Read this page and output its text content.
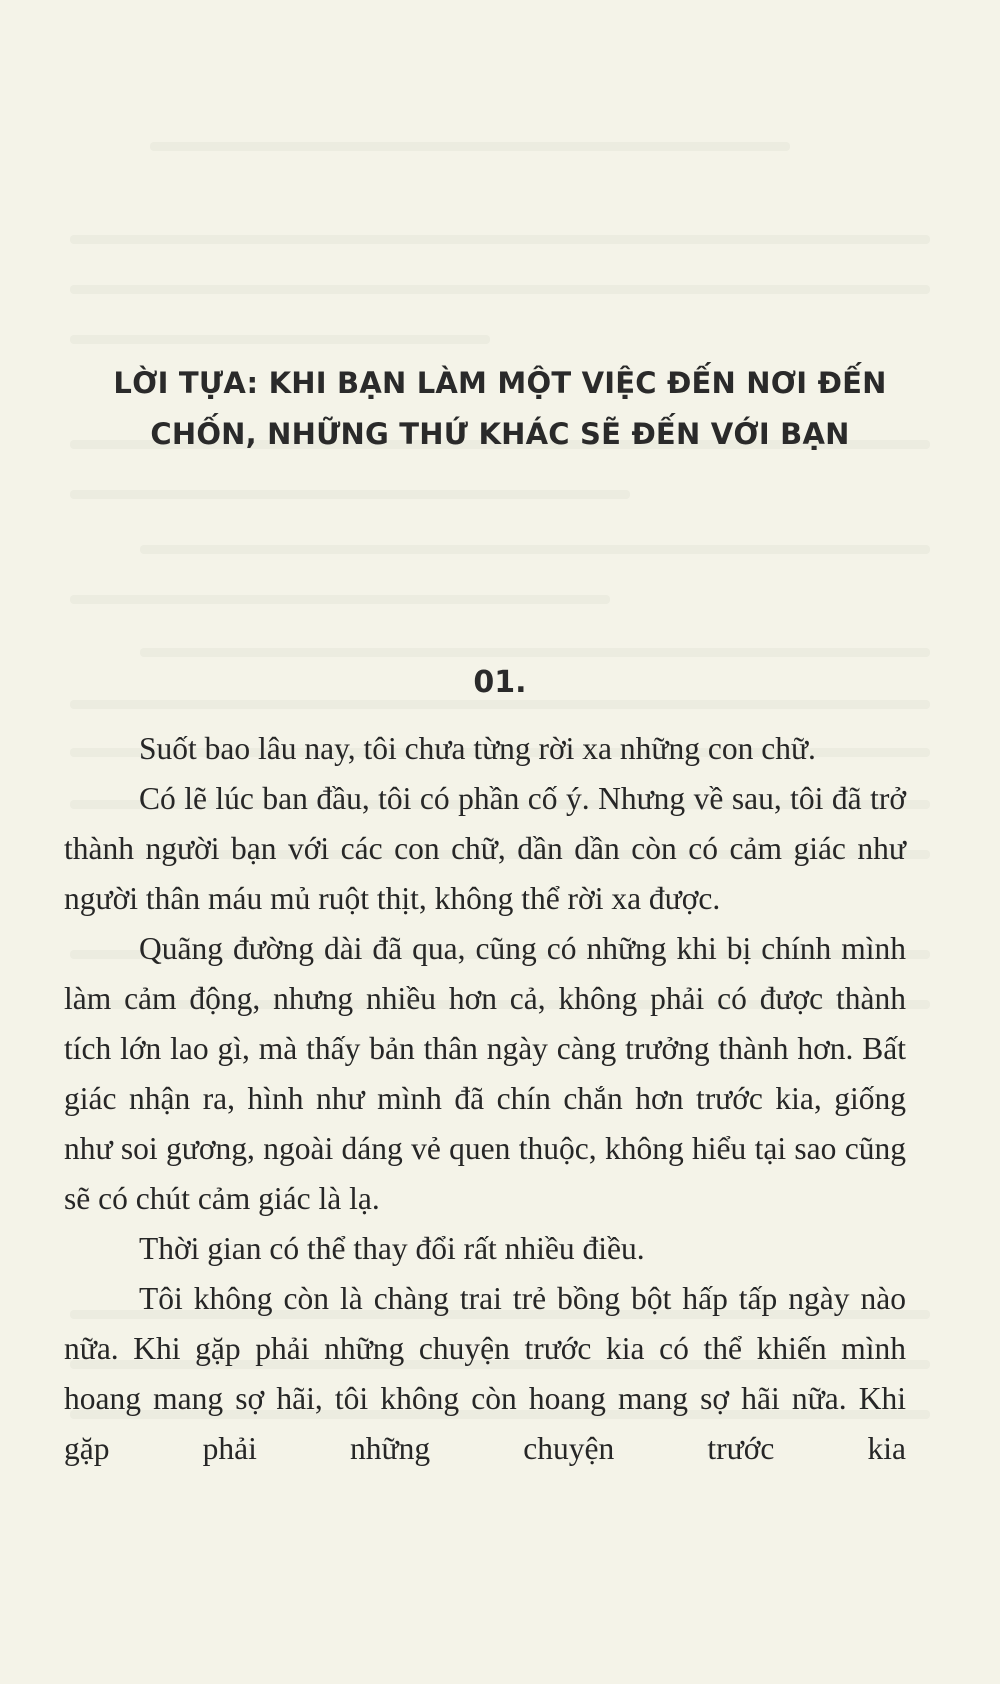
LỜI TỰA: KHI BẠN LÀM MỘT VIỆC ĐẾN NƠI ĐẾN
CHỐN, NHỮNG THỨ KHÁC SẼ ĐẾN VỚI BẠN
01.

Suốt bao lâu nay, tôi chưa từng rời xa những con chữ.

Có lẽ lúc ban đầu, tôi có phần cố ý. Nhưng về sau, tôi đã trở thành người bạn với các con chữ, dần dần còn có cảm giác như người thân máu mủ ruột thịt, không thể rời xa được.

Quãng đường dài đã qua, cũng có những khi bị chính mình làm cảm động, nhưng nhiều hơn cả, không phải có được thành tích lớn lao gì, mà thấy bản thân ngày càng trưởng thành hơn. Bất giác nhận ra, hình như mình đã chín chắn hơn trước kia, giống như soi gương, ngoài dáng vẻ quen thuộc, không hiểu tại sao cũng sẽ có chút cảm giác là lạ.

Thời gian có thể thay đổi rất nhiều điều.

Tôi không còn là chàng trai trẻ bồng bột hấp tấp ngày nào nữa. Khi gặp phải những chuyện trước kia có thể khiến mình hoang mang sợ hãi, tôi không còn hoang mang sợ hãi nữa. Khi gặp phải những chuyện trước kia
